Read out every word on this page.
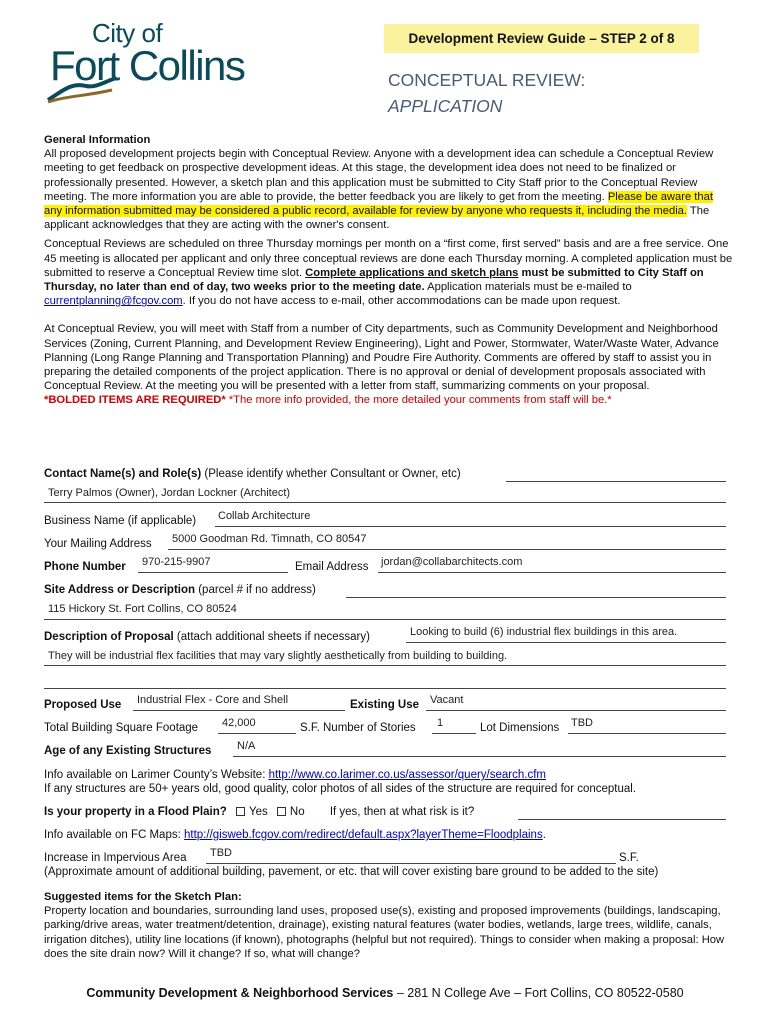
City of
Fort Collins
Development Review Guide – STEP 2 of 8
CONCEPTUAL REVIEW:
APPLICATION

General Information

All proposed development projects begin with Conceptual Review. Anyone with a development idea can schedule a Conceptual Review meeting to get feedback on prospective development ideas. At this stage, the development idea does not need to be finalized or professionally presented. However, a sketch plan and this application must be submitted to City Staff prior to the Conceptual Review meeting. The more information you are able to provide, the better feedback you are likely to get from the meeting. Please be aware that any information submitted may be considered a public record, available for review by anyone who requests it, including the media. The applicant acknowledges that they are acting with the owner's consent.

Conceptual Reviews are scheduled on three Thursday mornings per month on a “first come, first served” basis and are a free service. One 45 meeting is allocated per applicant and only three conceptual reviews are done each Thursday morning. A completed application must be submitted to reserve a Conceptual Review time slot. Complete applications and sketch plans must be submitted to City Staff on Thursday, no later than end of day, two weeks prior to the meeting date. Application materials must be e-mailed to currentplanning@fcgov.com. If you do not have access to e-mail, other accommodations can be made upon request.

At Conceptual Review, you will meet with Staff from a number of City departments, such as Community Development and Neighborhood Services (Zoning, Current Planning, and Development Review Engineering), Light and Power, Stormwater, Water/Waste Water, Advance Planning (Long Range Planning and Transportation Planning) and Poudre Fire Authority. Comments are offered by staff to assist you in preparing the detailed components of the project application. There is no approval or denial of development proposals associated with Conceptual Review. At the meeting you will be presented with a letter from staff, summarizing comments on your proposal.

*BOLDED ITEMS ARE REQUIRED* *The more info provided, the more detailed your comments from staff will be.*

Contact Name(s) and Role(s) (Please identify whether Consultant or Owner, etc)
Terry Palmos (Owner), Jordan Lockner (Architect)
Business Name (if applicable) Collab Architecture
Your Mailing Address 5000 Goodman Rd. Timnath, CO 80547
Phone Number 970-215-9907	Email Address jordan@collabarchitects.com
Site Address or Description (parcel # if no address)
115 Hickory St. Fort Collins, CO 80524
Description of Proposal (attach additional sheets if necessary)	Looking to build (6) industrial flex buildings in this area.
They will be industrial flex facilities that may vary slightly aesthetically from building to building.
Proposed Use Industrial Flex - Core and Shell	Existing Use Vacant
Total Building Square Footage 42,000	S.F. Number of Stories 1	Lot Dimensions TBD
Age of any Existing Structures N/A
Info available on Larimer County’s Website: http://www.co.larimer.co.us/assessor/query/search.cfm
If any structures are 50+ years old, good quality, color photos of all sides of the structure are required for conceptual.
Is your property in a Flood Plain? Yes No If yes, then at what risk is it?
Info available on FC Maps: http://gisweb.fcgov.com/redirect/default.aspx?layerTheme=Floodplains.
Increase in Impervious Area TBD	S.F.
(Approximate amount of additional building, pavement, or etc. that will cover existing bare ground to be added to the site)

Suggested items for the Sketch Plan:

Property location and boundaries, surrounding land uses, proposed use(s), existing and proposed improvements (buildings, landscaping, parking/drive areas, water treatment/detention, drainage), existing natural features (water bodies, wetlands, large trees, wildlife, canals, irrigation ditches), utility line locations (if known), photographs (helpful but not required). Things to consider when making a proposal: How does the site drain now? Will it change? If so, what will change?

Community Development & Neighborhood Services – 281 N College Ave – Fort Collins, CO 80522-0580
